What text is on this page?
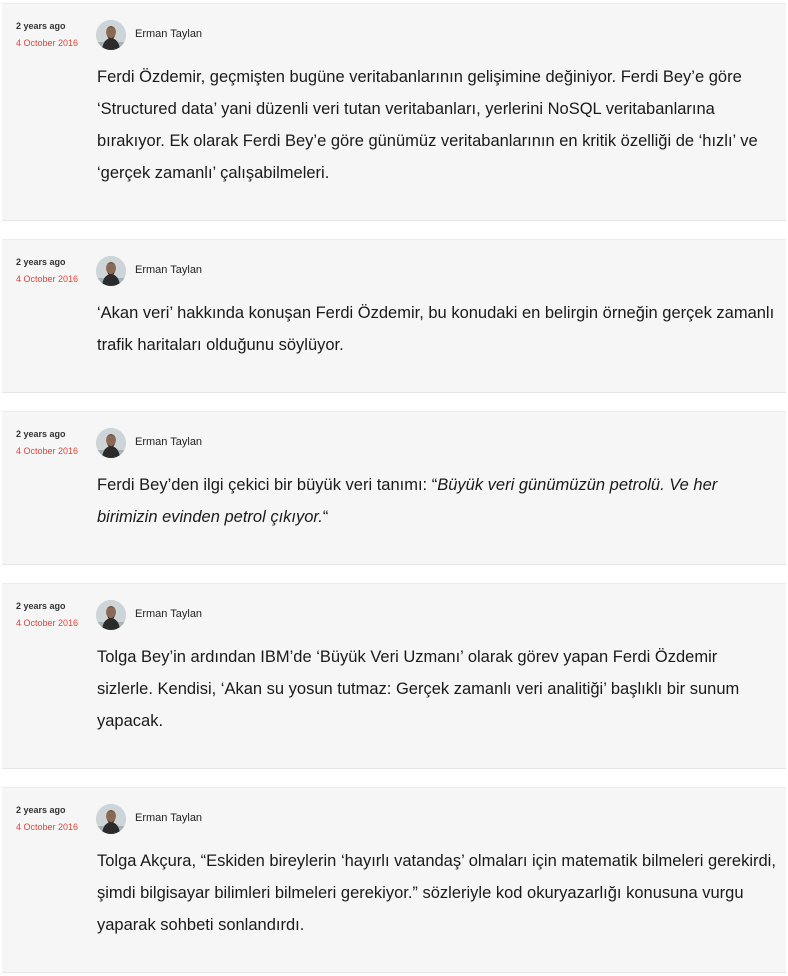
2 years ago
4 October 2016
Erman Taylan
Ferdi Özdemir, geçmişten bugüne veritabanlarının gelişimine değiniyor. Ferdi Bey’e göre ‘Structured data’ yani düzenli veri tutan veritabanları, yerlerini NoSQL veritabanlarına bırakıyor. Ek olarak Ferdi Bey’e göre günümüz veritabanlarının en kritik özelliği de ‘hızlı’ ve ‘gerçek zamanlı’ çalışabilmeleri.
2 years ago
4 October 2016
Erman Taylan
‘Akan veri’ hakkında konuşan Ferdi Özdemir, bu konudaki en belirgin örneğin gerçek zamanlı trafik haritaları olduğunu söylüyor.
2 years ago
4 October 2016
Erman Taylan
Ferdi Bey’den ilgi çekici bir büyük veri tanımı: “Büyük veri günümüzün petrolü. Ve her birimizin evinden petrol çıkıyor.“
2 years ago
4 October 2016
Erman Taylan
Tolga Bey’in ardından IBM’de ‘Büyük Veri Uzmanı’ olarak görev yapan Ferdi Özdemir sizlerle. Kendisi, ‘Akan su yosun tutmaz: Gerçek zamanlı veri analitiği’ başlıklı bir sunum yapacak.
2 years ago
4 October 2016
Erman Taylan
Tolga Akçura, “Eskiden bireylerin ‘hayırlı vatandaş’ olmaları için matematik bilmeleri gerekirdi, şimdi bilgisayar bilimleri bilmeleri gerekiyor.” sözleriyle kod okuryazarlığı konusuna vurgu yaparak sohbeti sonlandırdı.
